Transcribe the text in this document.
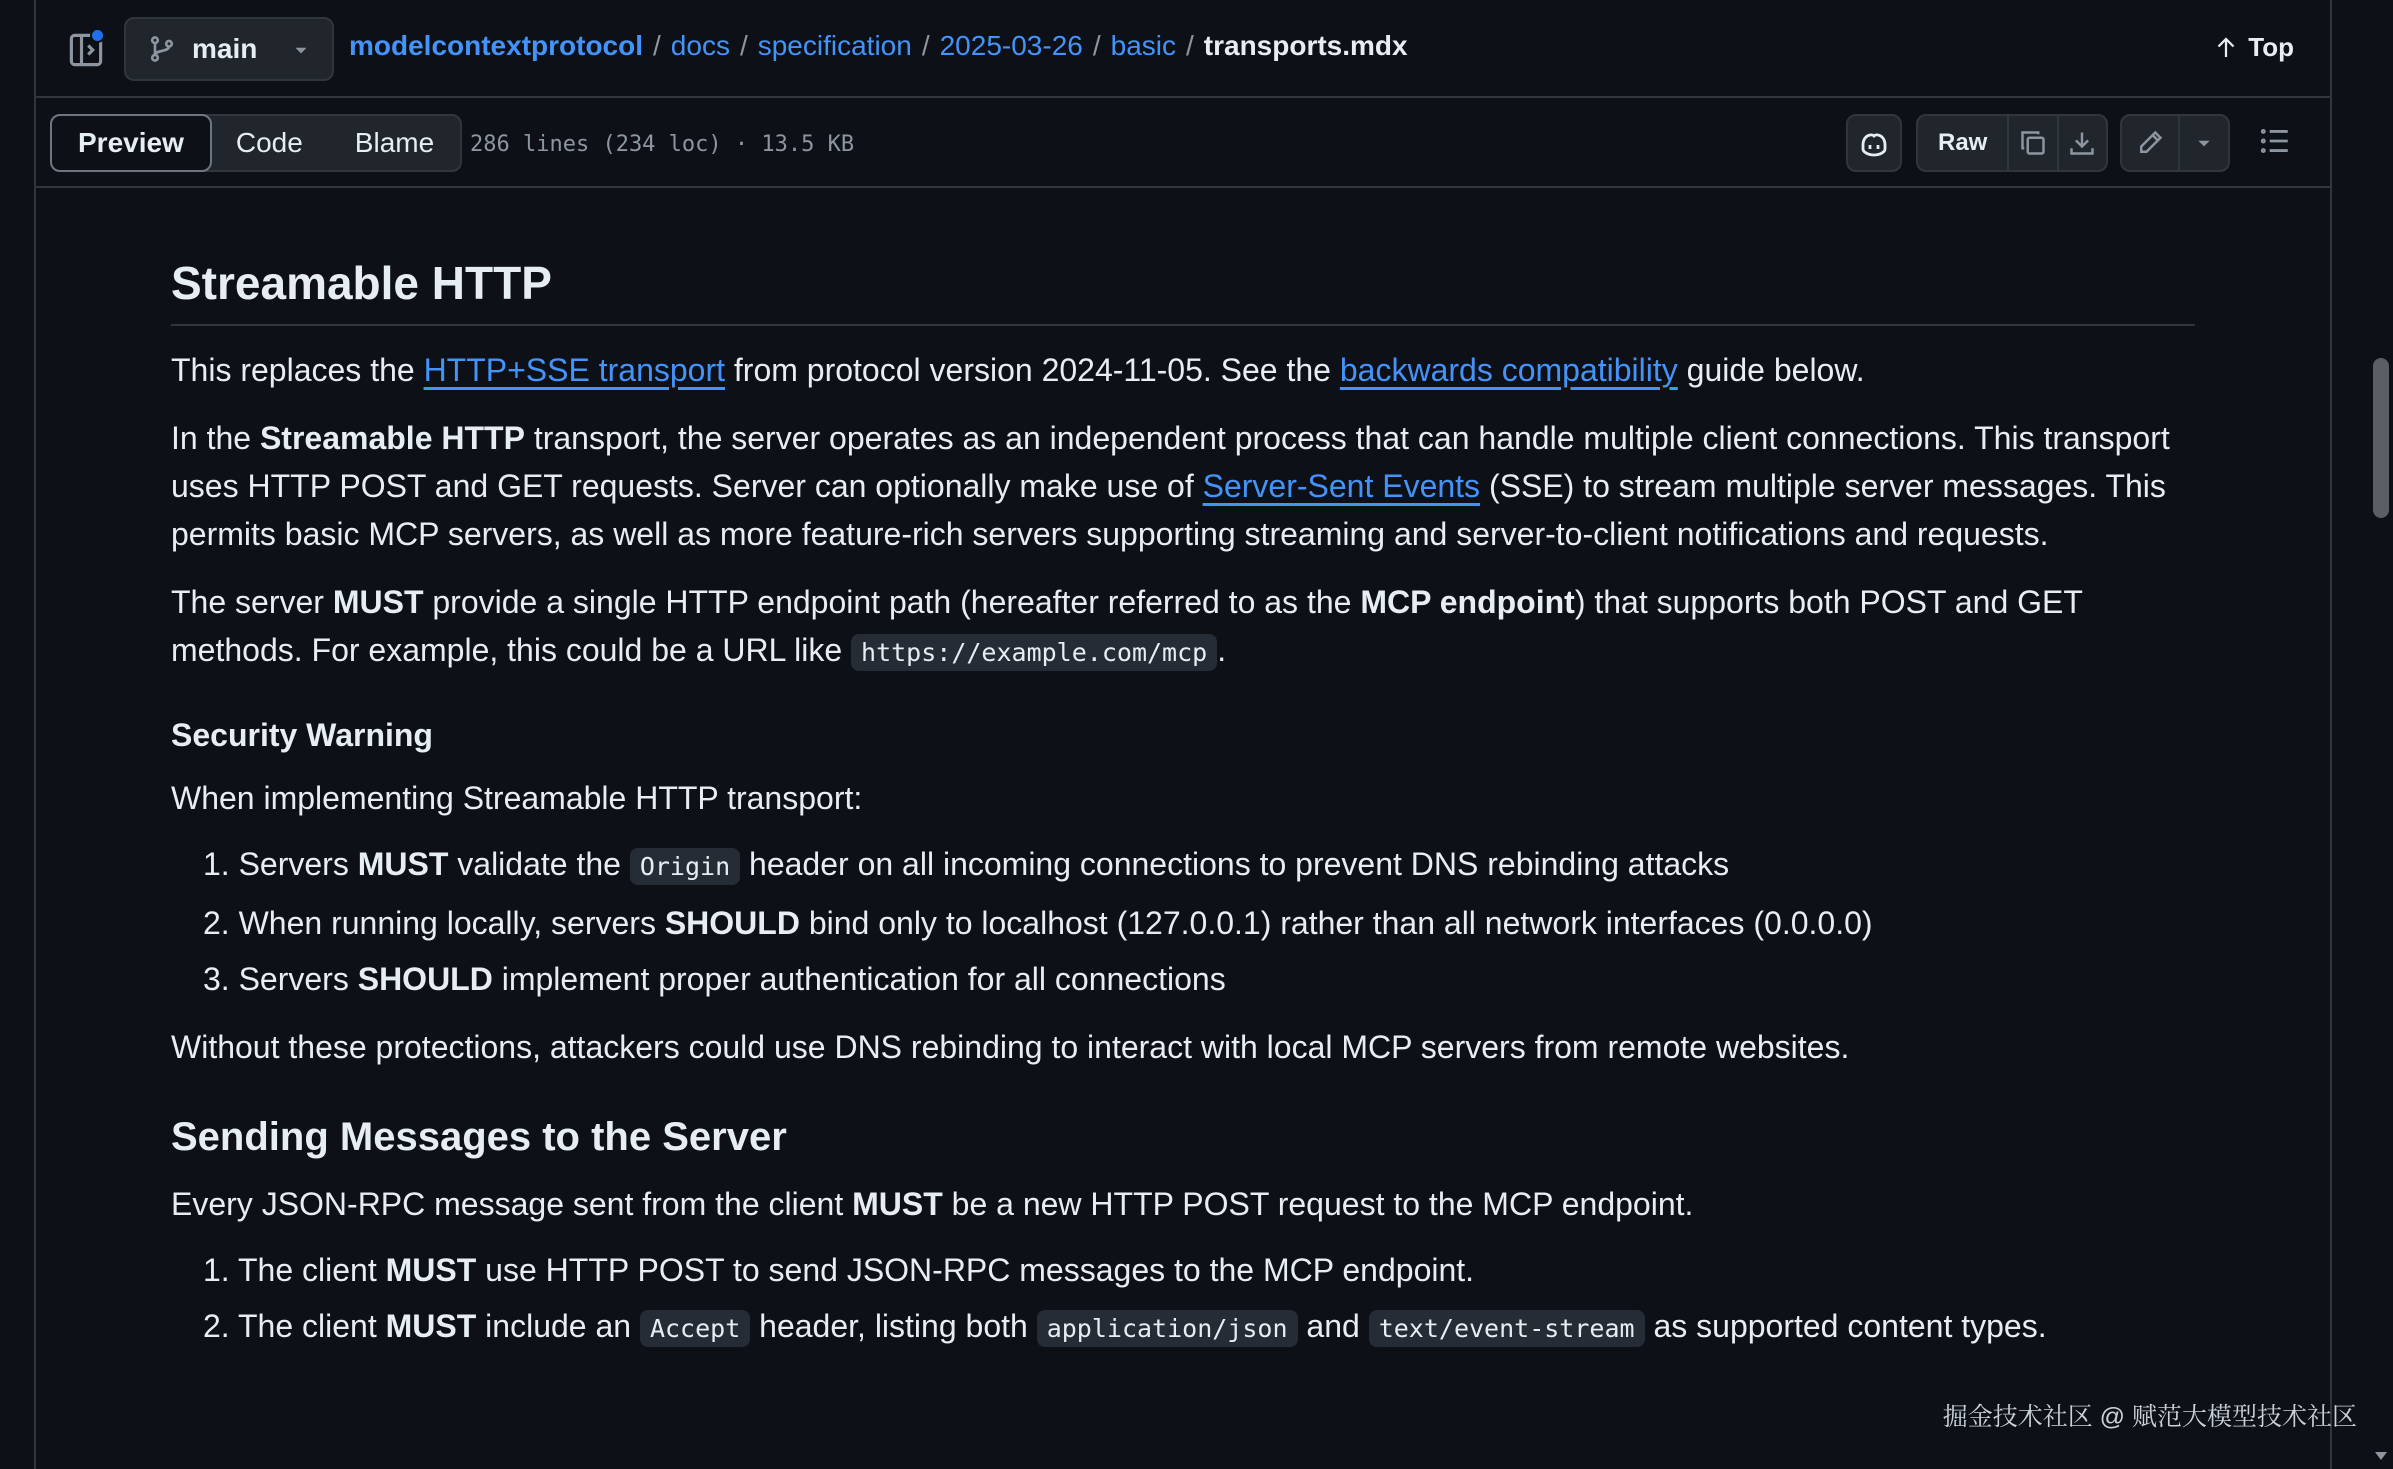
main	modelcontextprotocol / docs / specification / 2025-03-26 / basic / transports.mdx	Top
Preview	Code	Blame	286 lines (234 loc) · 13.5 KB	Raw
Streamable HTTP

This replaces the HTTP+SSE transport from protocol version 2024-11-05. See the backwards compatibility guide below.

In the Streamable HTTP transport, the server operates as an independent process that can handle multiple client connections. This transport uses HTTP POST and GET requests. Server can optionally make use of Server-Sent Events (SSE) to stream multiple server messages. This permits basic MCP servers, as well as more feature-rich servers supporting streaming and server-to-client notifications and requests.

The server MUST provide a single HTTP endpoint path (hereafter referred to as the MCP endpoint) that supports both POST and GET methods. For example, this could be a URL like https://example.com/mcp .

Security Warning

When implementing Streamable HTTP transport:

1. Servers MUST validate the Origin header on all incoming connections to prevent DNS rebinding attacks
2. When running locally, servers SHOULD bind only to localhost (127.0.0.1) rather than all network interfaces (0.0.0.0)
3. Servers SHOULD implement proper authentication for all connections

Without these protections, attackers could use DNS rebinding to interact with local MCP servers from remote websites.

Sending Messages to the Server

Every JSON-RPC message sent from the client MUST be a new HTTP POST request to the MCP endpoint.

1. The client MUST use HTTP POST to send JSON-RPC messages to the MCP endpoint.
2. The client MUST include an Accept header, listing both application/json and text/event-stream as supported content types.
掘金技术社区 @ 赋范大模型技术社区
